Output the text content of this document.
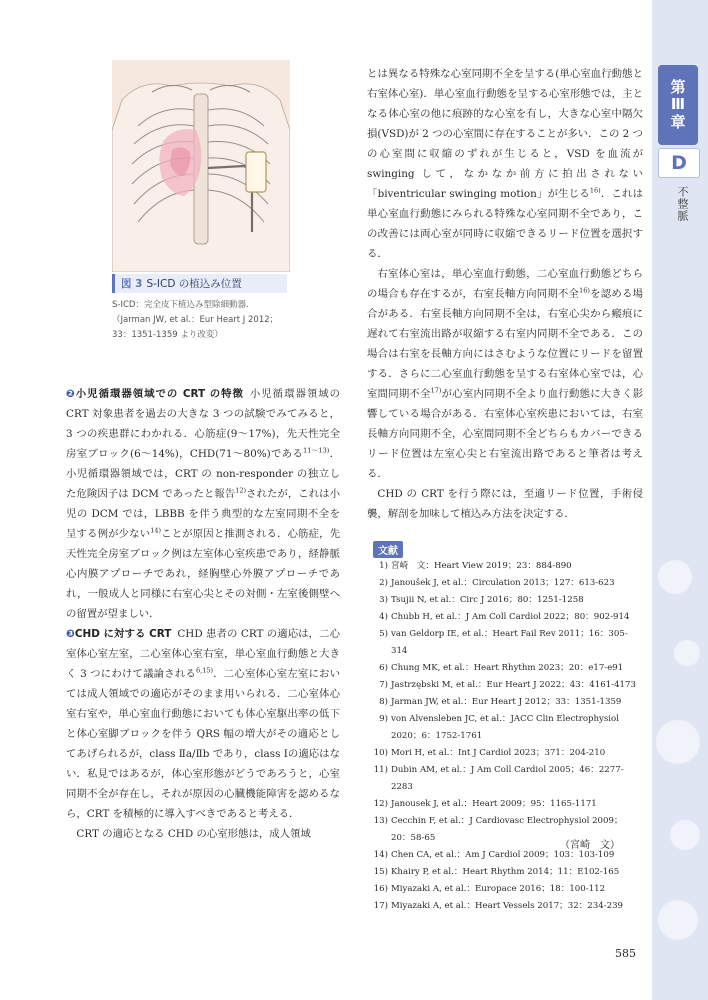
第
Ⅲ
章
D
不整脈
図 3 S-ICD の植込み位置
S-ICD：完全皮下植込み型除細動器.
（Jarman JW, et al.：Eur Heart J 2012；
33：1351-1359 より改変）

とは異なる特殊な心室同期不全を呈する(単心室血行動態と右室体心室)．単心室血行動態を呈する心室形態では，主となる体心室の他に痕跡的な心室を有し，大きな心室中隔欠損(VSD)が 2 つの心室間に存在することが多い．この 2 つの心室間に収縮のずれが生じると，VSD を血流が swinging して，なかなか前方に拍出されない「biventricular swinging motion」が生じる$^{16)}$．これは単心室血行動態にみられる特殊な心室同期不全であり，この改善には両心室が同時に収縮できるリード位置を選択する．

右室体心室は，単心室血行動態，二心室血行動態どちらの場合も存在するが，右室長軸方向同期不全$^{16)}$を認める場合がある．右室長軸方向同期不全は，右室心尖から瘢痕に遅れて右室流出路が収縮する右室内同期不全である．この場合は右室を長軸方向にはさむような位置にリードを留置する．さらに二心室血行動態を呈する右室体心室では，心室間同期不全$^{17)}$が心室内同期不全より血行動態に大きく影響している場合がある．右室体心室疾患においては，右室長軸方向同期不全，心室間同期不全どちらもカバーできるリード位置は左室心尖と右室流出路であると筆者は考える．

CHD の CRT を行う際には，至適リード位置，手術侵襲，解剖を加味して植込み方法を決定する．

文献
1) 宮崎　文：Heart View 2019；23：884-890
2) Janoušek J, et al.：Circulation 2013；127：613-623
3) Tsujii N, et al.：Circ J 2016；80：1251-1258
4) Chubb H, et al.：J Am Coll Cardiol 2022；80：902-914
5) van Geldorp IE, et al.：Heart Fail Rev 2011；16：305-314
6) Chung MK, et al.：Heart Rhythm 2023；20：e17-e91
7) Jastrzębski M, et al.：Eur Heart J 2022；43：4161-4173
8) Jarman JW, et al.：Eur Heart J 2012；33：1351-1359
9) von Alvensleben JC, et al.：JACC Clin Electrophysiol 2020；6：1752-1761
10) Mori H, et al.：Int J Cardiol 2023；371：204-210
11) Dubin AM, et al.：J Am Coll Cardiol 2005；46：2277-2283
12) Janousek J, et al.：Heart 2009；95：1165-1171
13) Cecchin F, et al.：J Cardiovasc Electrophysiol 2009；20：58-65
14) Chen CA, et al.：Am J Cardiol 2009；103：103-109
15) Khairy P, et al.：Heart Rhythm 2014；11：E102-165
16) Miyazaki A, et al.：Europace 2016；18：100-112
17) Miyazaki A, et al.：Heart Vessels 2017；32：234-239
（宮崎　文）

❷小児循環器領域での CRT の特徴 小児循環器領域の CRT 対象患者を過去の大きな 3 つの試験でみてみると，3 つの疾患群にわかれる．心筋症(9〜17%)，先天性完全房室ブロック(6〜14%)，CHD(71〜80%)である$^{11〜13)}$．小児循環器領域では，CRT の non-responder の独立した危険因子は DCM であったと報告$^{12)}$されたが，これは小児の DCM では，LBBB を伴う典型的な左室同期不全を呈する例が少ない$^{14)}$ことが原因と推測される．心筋症，先天性完全房室ブロック例は左室体心室疾患であり，経静脈心内膜アプローチであれ，経胸壁心外膜アプローチであれ，一般成人と同様に右室心尖とその対側・左室後側壁への留置が望ましい．

❸CHD に対する CRT CHD 患者の CRT の適応は，二心室体心室左室，二心室体心室右室，単心室血行動態と大きく 3 つにわけて議論される$^{6,15)}$．二心室体心室左室においては成人領域での適応がそのまま用いられる．二心室体心室右室や，単心室血行動態においても体心室駆出率の低下と体心室脚ブロックを伴う QRS 幅の増大がその適応としてあげられるが，class Ⅱa/Ⅱb であり，class Ⅰの適応はない．私見ではあるが，体心室形態がどうであろうと，心室同期不全が存在し，それが原因の心臓機能障害を認めるなら，CRT を積極的に導入すべきであると考える．

CRT の適応となる CHD の心室形態は，成人領域

585
